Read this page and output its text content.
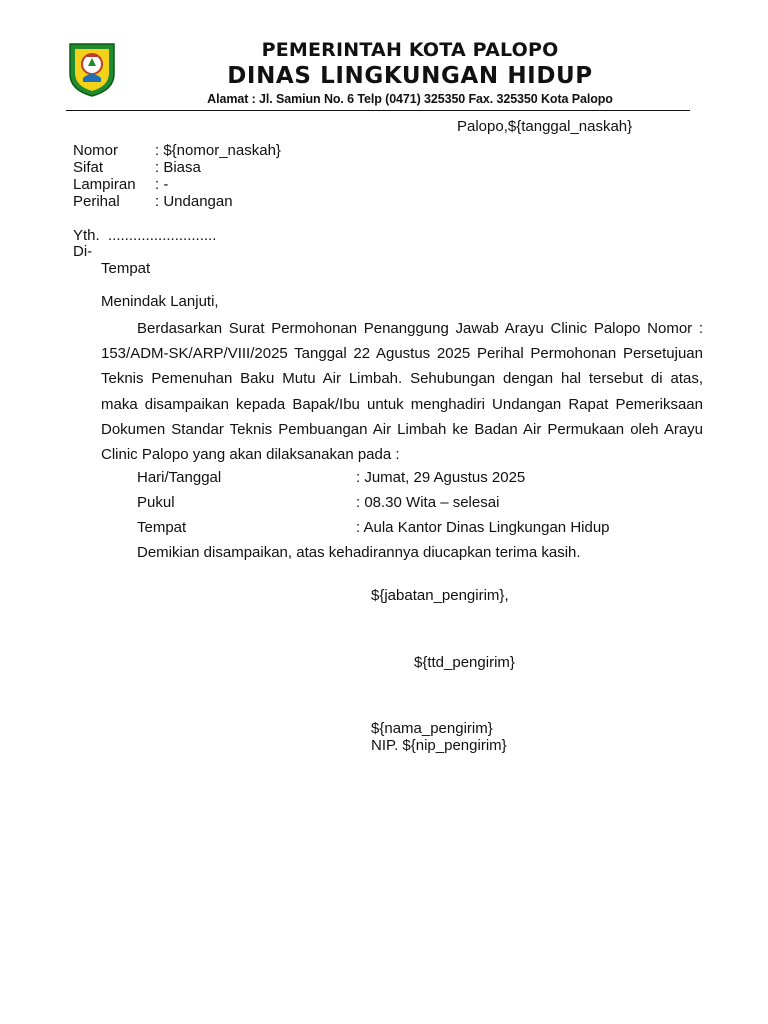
PEMERINTAH KOTA PALOPO
DINAS LINGKUNGAN HIDUP
Alamat : Jl. Samiun No. 6 Telp (0471) 325350 Fax. 325350 Kota Palopo
Palopo,${tanggal_naskah}
Nomor : ${nomor_naskah}
Sifat	: Biasa
Lampiran : -
Perihal : Undangan
Yth.  ..........................
Di-
Tempat
Menindak Lanjuti,
Berdasarkan Surat Permohonan Penanggung Jawab Arayu Clinic Palopo Nomor : 153/ADM-SK/ARP/VIII/2025 Tanggal 22 Agustus 2025 Perihal Permohonan Persetujuan Teknis Pemenuhan Baku Mutu Air Limbah. Sehubungan dengan hal tersebut di atas, maka disampaikan kepada Bapak/Ibu untuk menghadiri Undangan Rapat Pemeriksaan Dokumen Standar Teknis Pembuangan Air Limbah ke Badan Air Permukaan oleh Arayu Clinic Palopo yang akan dilaksanakan pada :
Hari/Tanggal	: Jumat, 29 Agustus 2025
Pukul	: 08.30 Wita – selesai
Tempat	: Aula Kantor Dinas Lingkungan Hidup
Demikian disampaikan, atas kehadirannya diucapkan terima kasih.
${jabatan_pengirim},
${ttd_pengirim}
${nama_pengirim}
NIP. ${nip_pengirim}
